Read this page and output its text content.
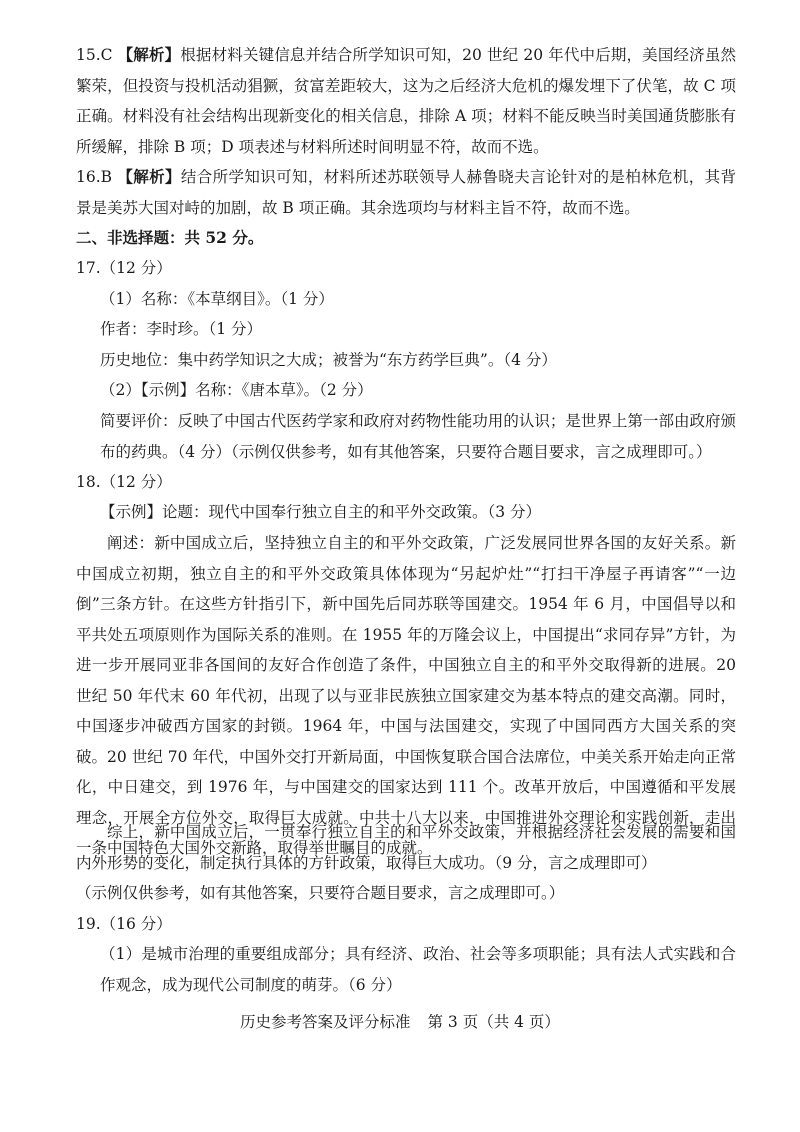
15.C 【解析】根据材料关键信息并结合所学知识可知，20 世纪 20 年代中后期，美国经济虽然繁荣，但投资与投机活动猖獗，贫富差距较大，这为之后经济大危机的爆发埋下了伏笔，故 C 项正确。材料没有社会结构出现新变化的相关信息，排除 A 项；材料不能反映当时美国通货膨胀有所缓解，排除 B 项；D 项表述与材料所述时间明显不符，故而不选。
16.B 【解析】结合所学知识可知，材料所述苏联领导人赫鲁晓夫言论针对的是柏林危机，其背景是美苏大国对峙的加剧，故 B 项正确。其余选项均与材料主旨不符，故而不选。
二、非选择题：共 52 分。
17.（12 分）
（1）名称：《本草纲目》。（1 分）
作者：李时珍。（1 分）
历史地位：集中药学知识之大成；被誉为“东方药学巨典”。（4 分）
（2）【示例】名称：《唐本草》。（2 分）
简要评价：反映了中国古代医药学家和政府对药物性能功用的认识；是世界上第一部由政府颁布的药典。（4 分）（示例仅供参考，如有其他答案，只要符合题目要求，言之成理即可。）
18.（12 分）
【示例】论题：现代中国奉行独立自主的和平外交政策。（3 分）
阐述：新中国成立后，坚持独立自主的和平外交政策，广泛发展同世界各国的友好关系。新中国成立初期，独立自主的和平外交政策具体体现为“另起炉灶”“打扫干净屋子再请客”“一边倒”三条方针。在这些方针指引下，新中国先后同苏联等国建交。1954 年 6 月，中国倡导以和平共处五项原则作为国际关系的准则。在 1955 年的万隆会议上，中国提出“求同存异”方针，为进一步开展同亚非各国间的友好合作创造了条件，中国独立自主的和平外交取得新的进展。20 世纪 50 年代末 60 年代初，出现了以与亚非民族独立国家建交为基本特点的建交高潮。同时，中国逐步冲破西方国家的封锁。1964 年，中国与法国建交，实现了中国同西方大国关系的突破。20 世纪 70 年代，中国外交打开新局面，中国恢复联合国合法席位，中美关系开始走向正常化，中日建交，到 1976 年，与中国建交的国家达到 111 个。改革开放后，中国遵循和平发展理念，开展全方位外交，取得巨大成就。中共十八大以来，中国推进外交理论和实践创新，走出一条中国特色大国外交新路，取得举世瞩目的成就。
综上，新中国成立后，一贯奉行独立自主的和平外交政策，并根据经济社会发展的需要和国内外形势的变化，制定执行具体的方针政策，取得巨大成功。（9 分，言之成理即可）
（示例仅供参考，如有其他答案，只要符合题目要求，言之成理即可。）
19.（16 分）
（1）是城市治理的重要组成部分；具有经济、政治、社会等多项职能；具有法人式实践和合作观念，成为现代公司制度的萌芽。（6 分）
历史参考答案及评分标准 第 3 页（共 4 页）
